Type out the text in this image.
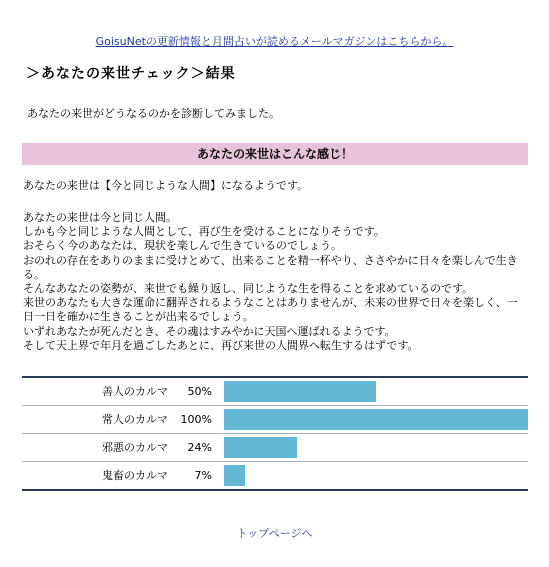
GoisuNetの更新情報と月間占いが読めるメールマガジンはこちらから。
＞あなたの来世チェック＞結果
あなたの来世がどうなるのかを診断してみました。
あなたの来世はこんな感じ！
あなたの来世は【今と同じような人間】になるようです。

あなたの来世は今と同じ人間。

しかも今と同じような人間として、再び生を受けることになりそうです。

おそらく今のあなたは、現状を楽しんで生きているのでしょう。

おのれの存在をありのままに受けとめて、出来ることを精一杯やり、ささやかに日々を楽しんで生きる。

そんなあなたの姿勢が、来世でも繰り返し、同じような生を得ることを求めているのです。

来世のあなたも大きな運命に翻弄されるようなことはありませんが、未来の世界で日々を楽しく、一日一日を確かに生きることが出来るでしょう。

いずれあなたが死んだとき、その魂はすみやかに天国へ運ばれるようです。

そして天上界で年月を過ごしたあとに、再び来世の人間界へ転生するはずです。

善人のカルマ	50%
常人のカルマ	100%
邪悪のカルマ	24%
鬼畜のカルマ	7%
トップページへ
